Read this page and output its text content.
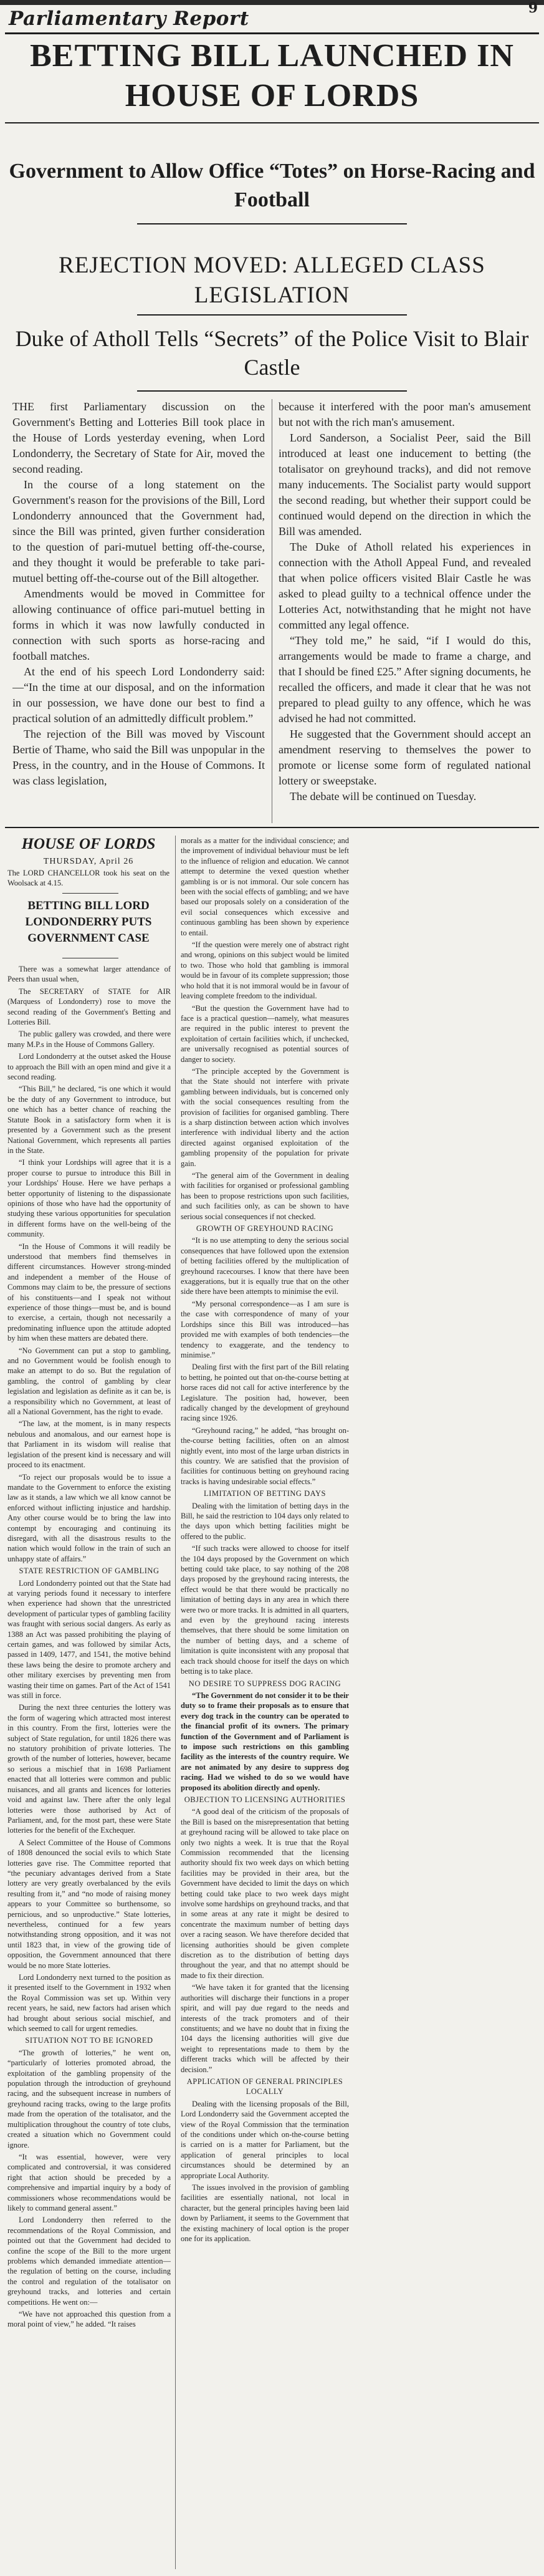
9
Parliamentary Report
BETTING BILL LAUNCHED IN HOUSE OF LORDS
Government to Allow Office “Totes” on Horse-Racing and Football
REJECTION MOVED: ALLEGED CLASS LEGISLATION
Duke of Atholl Tells “Secrets” of the Police Visit to Blair Castle

THE first Parliamentary discussion on the Government's Betting and Lotteries Bill took place in the House of Lords yesterday evening, when Lord Londonderry, the Secretary of State for Air, moved the second reading.

In the course of a long statement on the Government's reason for the provisions of the Bill, Lord Londonderry announced that the Government had, since the Bill was printed, given further consideration to the question of pari-mutuel betting off-the-course, and they thought it would be preferable to take pari-mutuel betting off-the-course out of the Bill altogether.

Amendments would be moved in Committee for allowing continuance of office pari-mutuel betting in forms in which it was now lawfully conducted in connection with such sports as horse-racing and football matches.

At the end of his speech Lord Londonderry said:—“In the time at our disposal, and on the information in our possession, we have done our best to find a practical solution of an admittedly difficult problem.”

The rejection of the Bill was moved by Viscount Bertie of Thame, who said the Bill was unpopular in the Press, in the country, and in the House of Commons. It was class legislation,

because it interfered with the poor man's amusement but not with the rich man's amusement.

Lord Sanderson, a Socialist Peer, said the Bill introduced at least one inducement to betting (the totalisator on greyhound tracks), and did not remove many inducements. The Socialist party would support the second reading, but whether their support could be continued would depend on the direction in which the Bill was amended.

The Duke of Atholl related his experiences in connection with the Atholl Appeal Fund, and revealed that when police officers visited Blair Castle he was asked to plead guilty to a technical offence under the Lotteries Act, notwithstanding that he might not have committed any legal offence.

“They told me,” he said, “if I would do this, arrangements would be made to frame a charge, and that I should be fined £25.” After signing documents, he recalled the officers, and made it clear that he was not prepared to plead guilty to any offence, which he was advised he had not committed.

He suggested that the Government should accept an amendment reserving to themselves the power to promote or license some form of regulated national lottery or sweepstake.

The debate will be continued on Tuesday.

HOUSE OF LORDS
THURSDAY, April 26
The LORD CHANCELLOR took his seat on the Woolsack at 4.15.
BETTING BILL LORD LONDONDERRY PUTS GOVERNMENT CASE

There was a somewhat larger attendance of Peers than usual when,

The SECRETARY of STATE for AIR (Marquess of Londonderry) rose to move the second reading of the Government's Betting and Lotteries Bill.

The public gallery was crowded, and there were many M.P.s in the House of Commons Gallery.

Lord Londonderry at the outset asked the House to approach the Bill with an open mind and give it a second reading.

“This Bill,” he declared, “is one which it would be the duty of any Government to introduce, but one which has a better chance of reaching the Statute Book in a satisfactory form when it is presented by a Government such as the present National Government, which represents all parties in the State.

“I think your Lordships will agree that it is a proper course to pursue to introduce this Bill in your Lordships' House. Here we have perhaps a better opportunity of listening to the dispassionate opinions of those who have had the opportunity of studying these various opportunities for speculation in different forms have on the well-being of the community.

“In the House of Commons it will readily be understood that members find themselves in different circumstances. However strong-minded and independent a member of the House of Commons may claim to be, the pressure of sections of his constituents—and I speak not without experience of those things—must be, and is bound to exercise, a certain, though not necessarily a predominating influence upon the attitude adopted by him when these matters are debated there.

“No Government can put a stop to gambling, and no Government would be foolish enough to make an attempt to do so. But the regulation of gambling, the control of gambling by clear legislation and legislation as definite as it can be, is a responsibility which no Government, at least of all a National Government, has the right to evade.

“The law, at the moment, is in many respects nebulous and anomalous, and our earnest hope is that Parliament in its wisdom will realise that legislation of the present kind is necessary and will proceed to its enactment.

“To reject our proposals would be to issue a mandate to the Government to enforce the existing law as it stands, a law which we all know cannot be enforced without inflicting injustice and hardship. Any other course would be to bring the law into contempt by encouraging and continuing its disregard, with all the disastrous results to the nation which would follow in the train of such an unhappy state of affairs.”

STATE RESTRICTION OF GAMBLING

Lord Londonderry pointed out that the State had at varying periods found it necessary to interfere when experience had shown that the unrestricted development of particular types of gambling facility was fraught with serious social dangers. As early as 1388 an Act was passed prohibiting the playing of certain games, and was followed by similar Acts, passed in 1409, 1477, and 1541, the motive behind these laws being the desire to promote archery and other military exercises by preventing men from wasting their time on games. Part of the Act of 1541 was still in force.

During the next three centuries the lottery was the form of wagering which attracted most interest in this country. From the first, lotteries were the subject of State regulation, for until 1826 there was no statutory prohibition of private lotteries. The growth of the number of lotteries, however, became so serious a mischief that in 1698 Parliament enacted that all lotteries were common and public nuisances, and all grants and licences for lotteries void and against law. There after the only legal lotteries were those authorised by Act of Parliament, and, for the most part, these were State lotteries for the benefit of the Exchequer.

A Select Committee of the House of Commons of 1808 denounced the social evils to which State lotteries gave rise. The Committee reported that “the pecuniary advantages derived from a State lottery are very greatly overbalanced by the evils resulting from it,” and “no mode of raising money appears to your Committee so burthensome, so pernicious, and so unproductive.” State lotteries, nevertheless, continued for a few years notwithstanding strong opposition, and it was not until 1823 that, in view of the growing tide of opposition, the Government announced that there would be no more State lotteries.

Lord Londonderry next turned to the position as it presented itself to the Government in 1932 when the Royal Commission was set up. Within very recent years, he said, new factors had arisen which had brought about serious social mischief, and which seemed to call for urgent remedies.

SITUATION NOT TO BE IGNORED

“The growth of lotteries,” he went on, “particularly of lotteries promoted abroad, the exploitation of the gambling propensity of the population through the introduction of greyhound racing, and the subsequent increase in numbers of greyhound racing tracks, owing to the large profits made from the operation of the totalisator, and the multiplication throughout the country of tote clubs, created a situation which no Government could ignore.

“It was essential, however, were very complicated and controversial, it was considered right that action should be preceded by a comprehensive and impartial inquiry by a body of commissioners whose recommendations would be likely to command general assent.”

Lord Londonderry then referred to the recommendations of the Royal Commission, and pointed out that the Government had decided to confine the scope of the Bill to the more urgent problems which demanded immediate attention—the regulation of betting on the course, including the control and regulation of the totalisator on greyhound tracks, and lotteries and certain competitions. He went on:—

“We have not approached this question from a moral point of view,” he added. “It raises

morals as a matter for the individual conscience; and the improvement of individual behaviour must be left to the influence of religion and education. We cannot attempt to determine the vexed question whether gambling is or is not immoral. Our sole concern has been with the social effects of gambling; and we have based our proposals solely on a consideration of the evil social consequences which excessive and continuous gambling has been shown by experience to entail.

“If the question were merely one of abstract right and wrong, opinions on this subject would be limited to two. Those who hold that gambling is immoral would be in favour of its complete suppression; those who hold that it is not immoral would be in favour of leaving complete freedom to the individual.

“But the question the Government have had to face is a practical question—namely, what measures are required in the public interest to prevent the exploitation of certain facilities which, if unchecked, are universally recognised as potential sources of danger to society.

“The principle accepted by the Government is that the State should not interfere with private gambling between individuals, but is concerned only with the social consequences resulting from the provision of facilities for organised gambling. There is a sharp distinction between action which involves interference with individual liberty and the action directed against organised exploitation of the gambling propensity of the population for private gain.

“The general aim of the Government in dealing with facilities for organised or professional gambling has been to propose restrictions upon such facilities, and such facilities only, as can be shown to have serious social consequences if not checked.

GROWTH OF GREYHOUND RACING

“It is no use attempting to deny the serious social consequences that have followed upon the extension of betting facilities offered by the multiplication of greyhound racecourses. I know that there have been exaggerations, but it is equally true that on the other side there have been attempts to minimise the evil.

“My personal correspondence—as I am sure is the case with correspondence of many of your Lordships since this Bill was introduced—has provided me with examples of both tendencies—the tendency to exaggerate, and the tendency to minimise.”

Dealing first with the first part of the Bill relating to betting, he pointed out that on-the-course betting at horse races did not call for active interference by the Legislature. The position had, however, been radically changed by the development of greyhound racing since 1926.

“Greyhound racing,” he added, “has brought on-the-course betting facilities, often on an almost nightly event, into most of the large urban districts in this country. We are satisfied that the provision of facilities for continuous betting on greyhound racing tracks is having undesirable social effects.”

LIMITATION OF BETTING DAYS

Dealing with the limitation of betting days in the Bill, he said the restriction to 104 days only related to the days upon which betting facilities might be offered to the public.

“If such tracks were allowed to choose for itself the 104 days proposed by the Government on which betting could take place, to say nothing of the 208 days proposed by the greyhound racing interests, the effect would be that there would be practically no limitation of betting days in any area in which there were two or more tracks. It is admitted in all quarters, and even by the greyhound racing interests themselves, that there should be some limitation on the number of betting days, and a scheme of limitation is quite inconsistent with any proposal that each track should choose for itself the days on which betting is to take place.

NO DESIRE TO SUPPRESS DOG RACING

“The Government do not consider it to be their duty so to frame their proposals as to ensure that every dog track in the country can be operated to the financial profit of its owners. The primary function of the Government and of Parliament is to impose such restrictions on this gambling facility as the interests of the country require. We are not animated by any desire to suppress dog racing. Had we wished to do so we would have proposed its abolition directly and openly.

OBJECTION TO LICENSING AUTHORITIES

“A good deal of the criticism of the proposals of the Bill is based on the misrepresentation that betting at greyhound racing will be allowed to take place on only two nights a week. It is true that the Royal Commission recommended that the licensing authority should fix two week days on which betting facilities may be provided in their area, but the Government have decided to limit the days on which betting could take place to two week days might involve some hardships on greyhound tracks, and that in some areas at any rate it might be desired to concentrate the maximum number of betting days over a racing season. We have therefore decided that licensing authorities should be given complete discretion as to the distribution of betting days throughout the year, and that no attempt should be made to fix their direction.

“We have taken it for granted that the licensing authorities will discharge their functions in a proper spirit, and will pay due regard to the needs and interests of the track promoters and of their constituents; and we have no doubt that in fixing the 104 days the licensing authorities will give due weight to representations made to them by the different tracks which will be affected by their decision.”

APPLICATION OF GENERAL PRINCIPLES LOCALLY

Dealing with the licensing proposals of the Bill, Lord Londonderry said the Government accepted the view of the Royal Commission that the termination of the conditions under which on-the-course betting is carried on is a matter for Parliament, but the application of general principles to local circumstances should be determined by an appropriate Local Authority.

The issues involved in the provision of gambling facilities are essentially national, not local in character, but the general principles having been laid down by Parliament, it seems to the Government that the existing machinery of local option is the proper one for its application.
